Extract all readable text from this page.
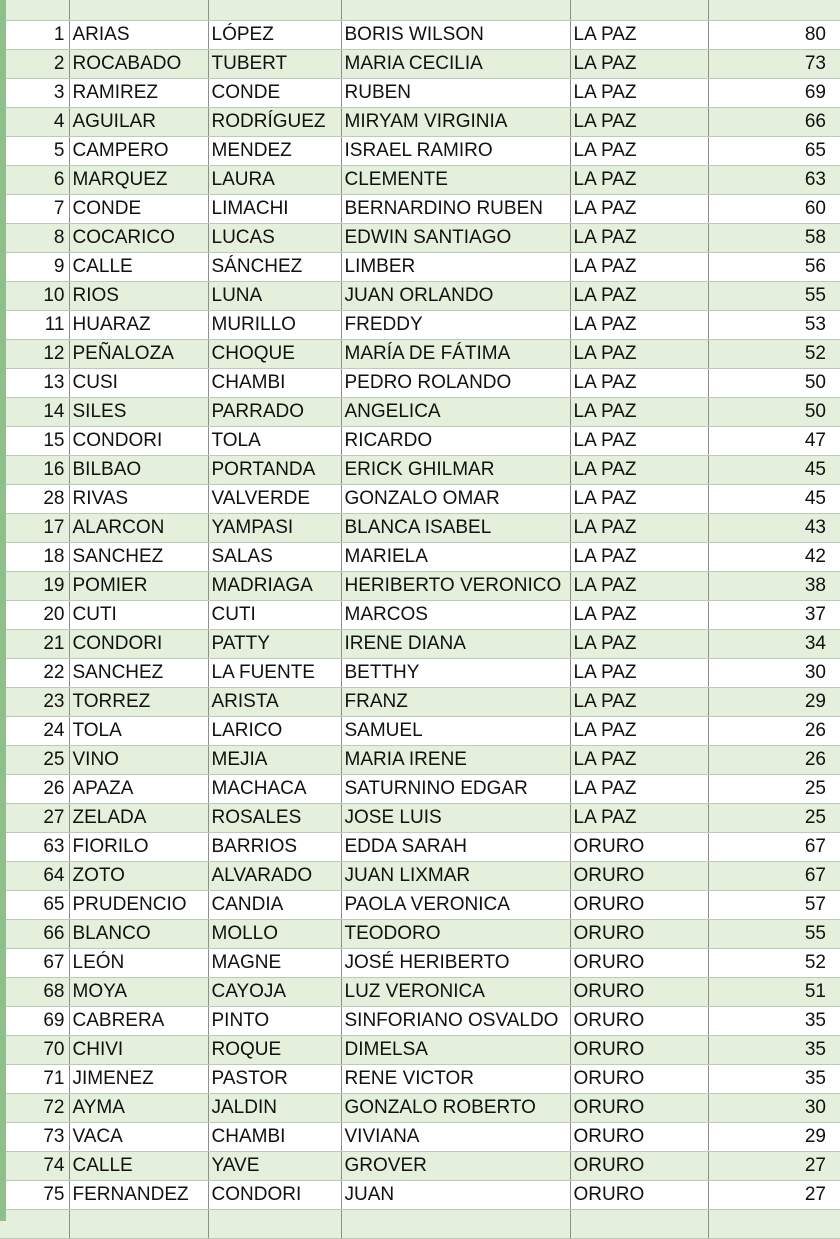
1	ARIAS	LÓPEZ	BORIS WILSON	LA PAZ	80
2	ROCABADO	TUBERT	MARIA CECILIA	LA PAZ	73
3	RAMIREZ	CONDE	RUBEN	LA PAZ	69
4	AGUILAR	RODRÍGUEZ	MIRYAM VIRGINIA	LA PAZ	66
5	CAMPERO	MENDEZ	ISRAEL RAMIRO	LA PAZ	65
6	MARQUEZ	LAURA	CLEMENTE	LA PAZ	63
7	CONDE	LIMACHI	BERNARDINO RUBEN	LA PAZ	60
8	COCARICO	LUCAS	EDWIN SANTIAGO	LA PAZ	58
9	CALLE	SÁNCHEZ	LIMBER	LA PAZ	56
10	RIOS	LUNA	JUAN ORLANDO	LA PAZ	55
11	HUARAZ	MURILLO	FREDDY	LA PAZ	53
12	PEÑALOZA	CHOQUE	MARÍA DE FÁTIMA	LA PAZ	52
13	CUSI	CHAMBI	PEDRO ROLANDO	LA PAZ	50
14	SILES	PARRADO	ANGELICA	LA PAZ	50
15	CONDORI	TOLA	RICARDO	LA PAZ	47
16	BILBAO	PORTANDA	ERICK GHILMAR	LA PAZ	45
28	RIVAS	VALVERDE	GONZALO OMAR	LA PAZ	45
17	ALARCON	YAMPASI	BLANCA ISABEL	LA PAZ	43
18	SANCHEZ	SALAS	MARIELA	LA PAZ	42
19	POMIER	MADRIAGA	HERIBERTO VERONICO	LA PAZ	38
20	CUTI	CUTI	MARCOS	LA PAZ	37
21	CONDORI	PATTY	IRENE DIANA	LA PAZ	34
22	SANCHEZ	LA FUENTE	BETTHY	LA PAZ	30
23	TORREZ	ARISTA	FRANZ	LA PAZ	29
24	TOLA	LARICO	SAMUEL	LA PAZ	26
25	VINO	MEJIA	MARIA IRENE	LA PAZ	26
26	APAZA	MACHACA	SATURNINO EDGAR	LA PAZ	25
27	ZELADA	ROSALES	JOSE LUIS	LA PAZ	25
63	FIORILO	BARRIOS	EDDA SARAH	ORURO	67
64	ZOTO	ALVARADO	JUAN LIXMAR	ORURO	67
65	PRUDENCIO	CANDIA	PAOLA VERONICA	ORURO	57
66	BLANCO	MOLLO	TEODORO	ORURO	55
67	LEÓN	MAGNE	JOSÉ HERIBERTO	ORURO	52
68	MOYA	CAYOJA	LUZ VERONICA	ORURO	51
69	CABRERA	PINTO	SINFORIANO OSVALDO	ORURO	35
70	CHIVI	ROQUE	DIMELSA	ORURO	35
71	JIMENEZ	PASTOR	RENE VICTOR	ORURO	35
72	AYMA	JALDIN	GONZALO ROBERTO	ORURO	30
73	VACA	CHAMBI	VIVIANA	ORURO	29
74	CALLE	YAVE	GROVER	ORURO	27
75	FERNANDEZ	CONDORI	JUAN	ORURO	27
